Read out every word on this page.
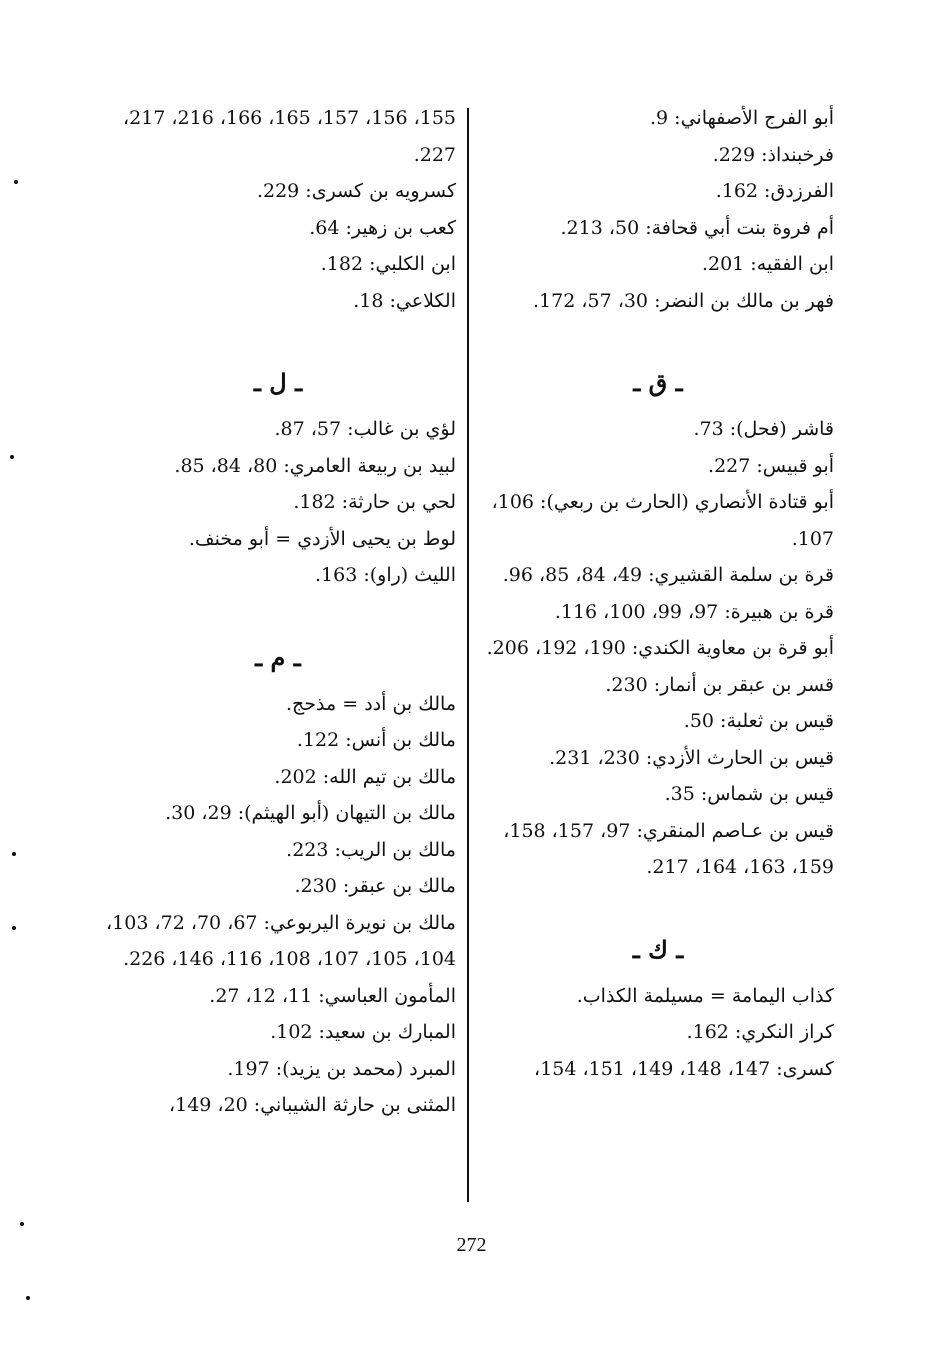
أبو الفرج الأصفهاني: 9.

فرخبنداذ: 229.

الفرزدق: 162.

أم فروة بنت أبي قحافة: 50، 213.

ابن الفقيه: 201.

فهر بن مالك بن النضر: 30، 57، 172.

ـ ق ـ

قاشر (فحل): 73.

أبو قبيس: 227.

أبو قتادة الأنصاري (الحارث بن ربعي): 106، 107.

قرة بن سلمة القشيري: 49، 84، 85، 96.

قرة بن هبيرة: 97، 99، 100، 116.

أبو قرة بن معاوية الكندي: 190، 192، 206.

قسر بن عبقر بن أنمار: 230.

قيس بن ثعلبة: 50.

قيس بن الحارث الأزدي: 230، 231.

قيس بن شماس: 35.

قيس بن عـاصم المنقري: 97، 157، 158، 159، 163، 164، 217.

ـ ك ـ

كذاب اليمامة = مسيلمة الكذاب.

كراز النكري: 162.

كسرى: 147، 148، 149، 151، 154،

155، 156، 157، 165، 166، 216، 217، 227.

كسرويه بن كسرى: 229.

كعب بن زهير: 64.

ابن الكلبي: 182.

الكلاعي: 18.

ـ ل ـ

لؤي بن غالب: 57، 87.

لبيد بن ربيعة العامري: 80، 84، 85.

لحي بن حارثة: 182.

لوط بن يحيى الأزدي = أبو مخنف.

الليث (راو): 163.

ـ م ـ

مالك بن أدد = مذحج.

مالك بن أنس: 122.

مالك بن تيم الله: 202.

مالك بن التيهان (أبو الهيثم): 29، 30.

مالك بن الريب: 223.

مالك بن عبقر: 230.

مالك بن نويرة اليربوعي: 67، 70، 72، 103، 104، 105، 107، 108، 116، 146، 226.

المأمون العباسي: 11، 12، 27.

المبارك بن سعيد: 102.

المبرد (محمد بن يزيد): 197.

المثنى بن حارثة الشيباني: 20، 149،

272
